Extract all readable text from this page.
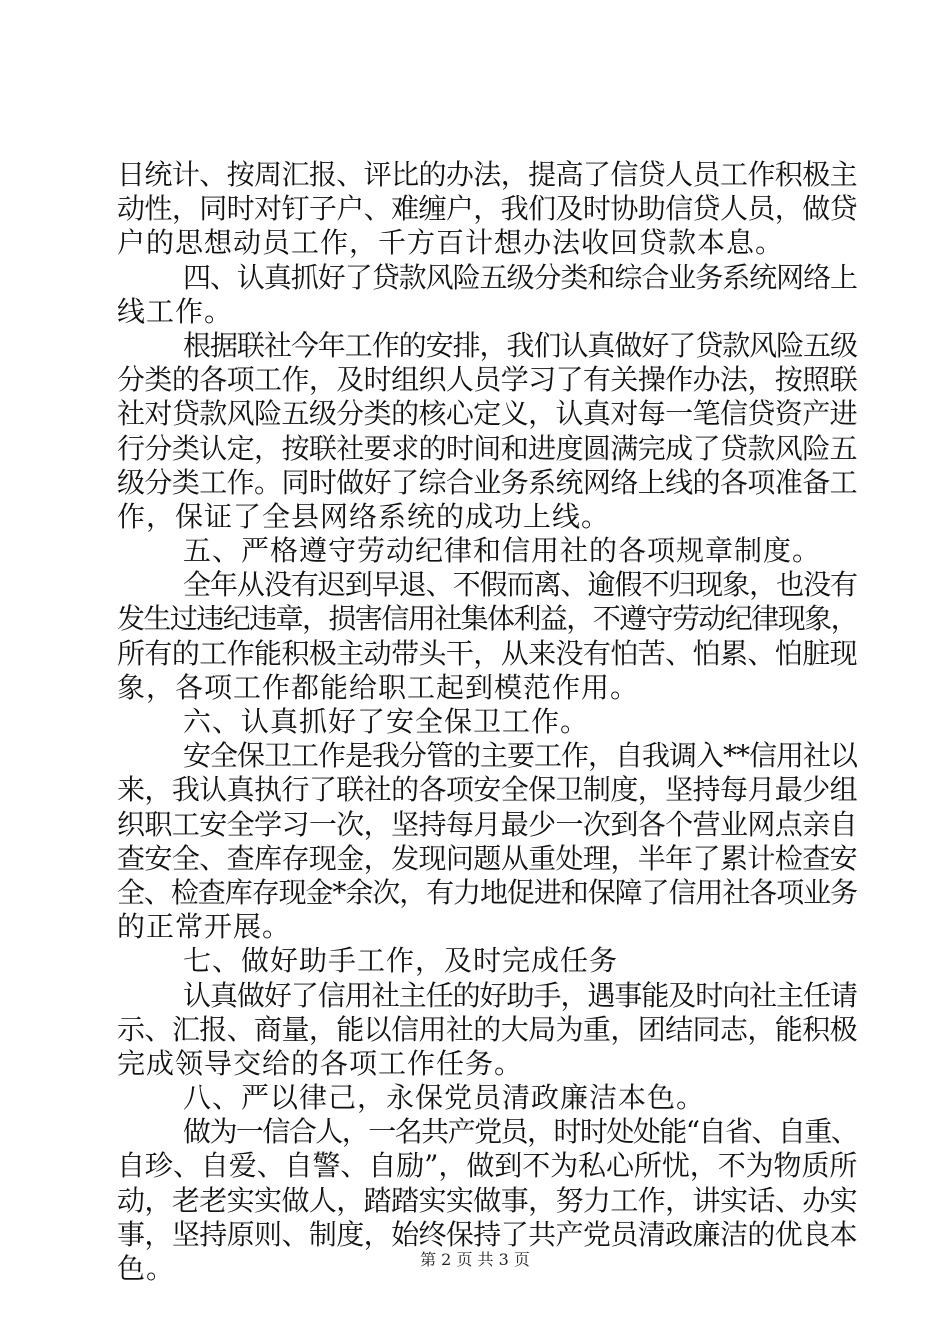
日统计、按周汇报、评比的办法，提高了信贷人员工作积极主
动性，同时对钉子户、难缠户，我们及时协助信贷人员，做贷
户的思想动员工作，千方百计想办法收回贷款本息。
四、认真抓好了贷款风险五级分类和综合业务系统网络上
线工作。
根据联社今年工作的安排，我们认真做好了贷款风险五级
分类的各项工作，及时组织人员学习了有关操作办法，按照联
社对贷款风险五级分类的核心定义，认真对每一笔信贷资产进
行分类认定，按联社要求的时间和进度圆满完成了贷款风险五
级分类工作。同时做好了综合业务系统网络上线的各项准备工
作，保证了全县网络系统的成功上线。
五、严格遵守劳动纪律和信用社的各项规章制度。
全年从没有迟到早退、不假而离、逾假不归现象，也没有
发生过违纪违章，损害信用社集体利益，不遵守劳动纪律现象，
所有的工作能积极主动带头干，从来没有怕苦、怕累、怕脏现
象，各项工作都能给职工起到模范作用。
六、认真抓好了安全保卫工作。
安全保卫工作是我分管的主要工作，自我调入**信用社以
来，我认真执行了联社的各项安全保卫制度，坚持每月最少组
织职工安全学习一次，坚持每月最少一次到各个营业网点亲自
查安全、查库存现金，发现问题从重处理，半年了累计检查安
全、检查库存现金*余次，有力地促进和保障了信用社各项业务
的正常开展。
七、做好助手工作，及时完成任务
认真做好了信用社主任的好助手，遇事能及时向社主任请
示、汇报、商量，能以信用社的大局为重，团结同志，能积极
完成领导交给的各项工作任务。
八、严以律己，永保党员清政廉洁本色。
做为一信合人，一名共产党员，时时处处能“自省、自重、
自珍、自爱、自警、自励”，做到不为私心所忧，不为物质所
动，老老实实做人，踏踏实实做事，努力工作，讲实话、办实
事，坚持原则、制度，始终保持了共产党员清政廉洁的优良本
色。	第 2 页 共 3 页
